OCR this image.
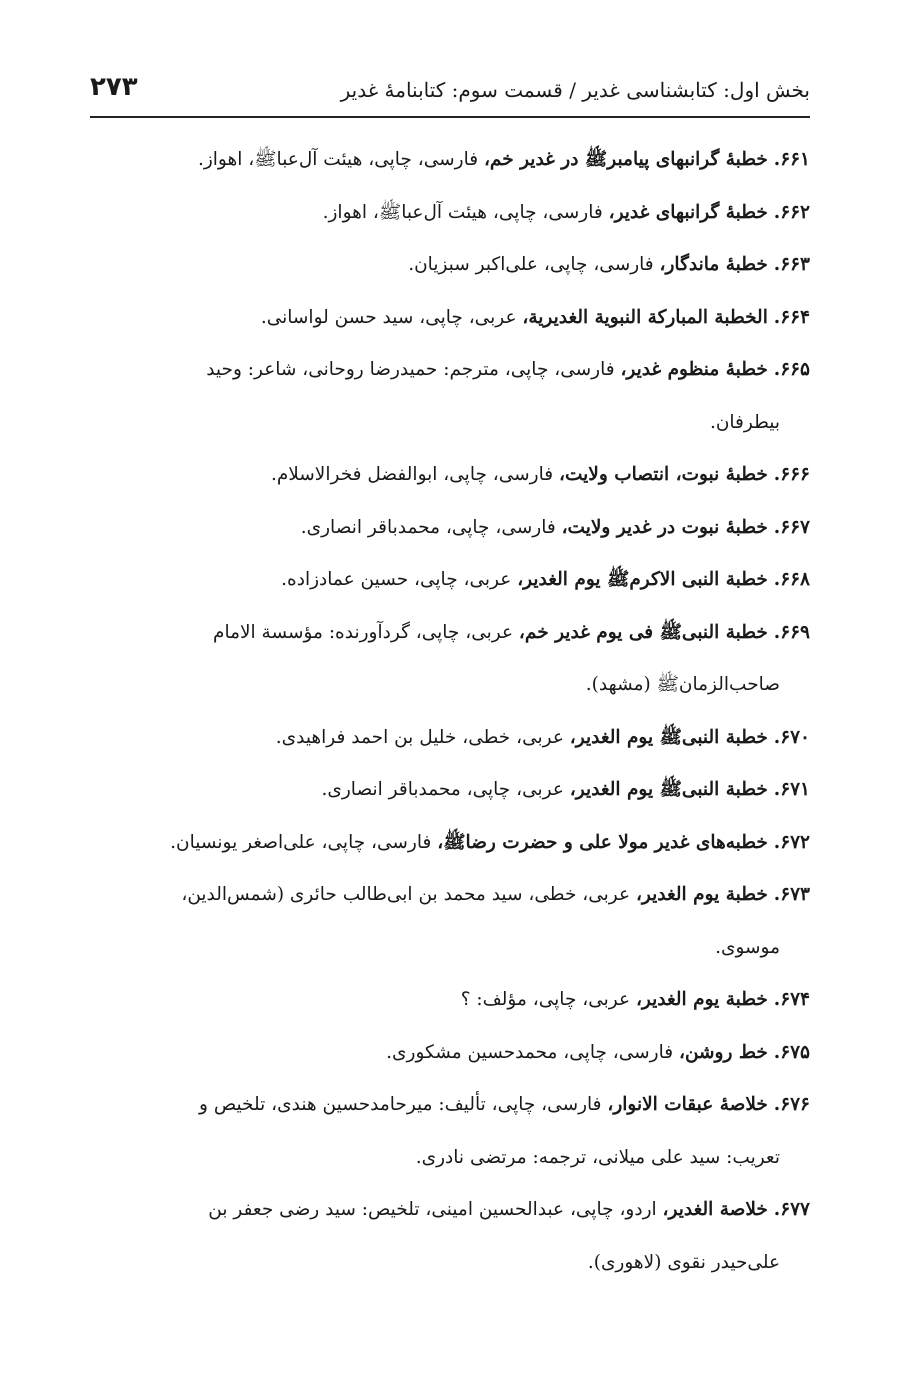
بخش اول: کتابشناسی غدیر / قسمت سوم: کتابنامۀ غدیر
۲۷۳
۶۶۱. خطبۀ گرانبهای پیامبرﷺ در غدیر خم، فارسی، چاپی، هیئت آل‌عباﷺ، اهواز.
۶۶۲. خطبۀ گرانبهای غدیر، فارسی، چاپی، هیئت آل‌عباﷺ، اهواز.
۶۶۳. خطبۀ ماندگار، فارسی، چاپی، علی‌اکبر سبزیان.
۶۶۴. الخطبة المبارکة النبویة الغدیریة، عربی، چاپی، سید حسن لواسانی.
۶۶۵. خطبۀ منظوم غدیر، فارسی، چاپی، مترجم: حمیدرضا روحانی، شاعر: وحید
بیطرفان.
۶۶۶. خطبۀ نبوت، انتصاب ولایت، فارسی، چاپی، ابوالفضل فخرالاسلام.
۶۶۷. خطبۀ نبوت در غدیر ولایت، فارسی، چاپی، محمدباقر انصاری.
۶۶۸. خطبة النبی الاکرمﷺ یوم الغدیر، عربی، چاپی، حسین عمادزاده.
۶۶۹. خطبة النبیﷺ فی یوم غدیر خم، عربی، چاپی، گردآورنده: مؤسسة الامام
صاحب‌الزمانﷺ (مشهد).
۶۷۰. خطبة النبیﷺ یوم الغدیر، عربی، خطی، خلیل بن احمد فراهیدی.
۶۷۱. خطبة النبیﷺ یوم الغدیر، عربی، چاپی، محمدباقر انصاری.
۶۷۲. خطبه‌های غدیر مولا علی و حضرت رضاﷺ، فارسی، چاپی، علی‌اصغر یونسیان.
۶۷۳. خطبة یوم الغدیر، عربی، خطی، سید محمد بن ابی‌طالب حائری (شمس‌الدین،
موسوی.
۶۷۴. خطبة یوم الغدیر، عربی، چاپی، مؤلف: ؟
۶۷۵. خط روشن، فارسی، چاپی، محمدحسین مشکوری.
۶۷۶. خلاصۀ عبقات الانوار، فارسی، چاپی، تألیف: میرحامدحسین هندی، تلخیص و
تعریب: سید علی میلانی، ترجمه: مرتضی نادری.
۶۷۷. خلاصة الغدیر، اردو، چاپی، عبدالحسین امینی، تلخیص: سید رضی جعفر بن
علی‌حیدر نقوی (لاهوری).
